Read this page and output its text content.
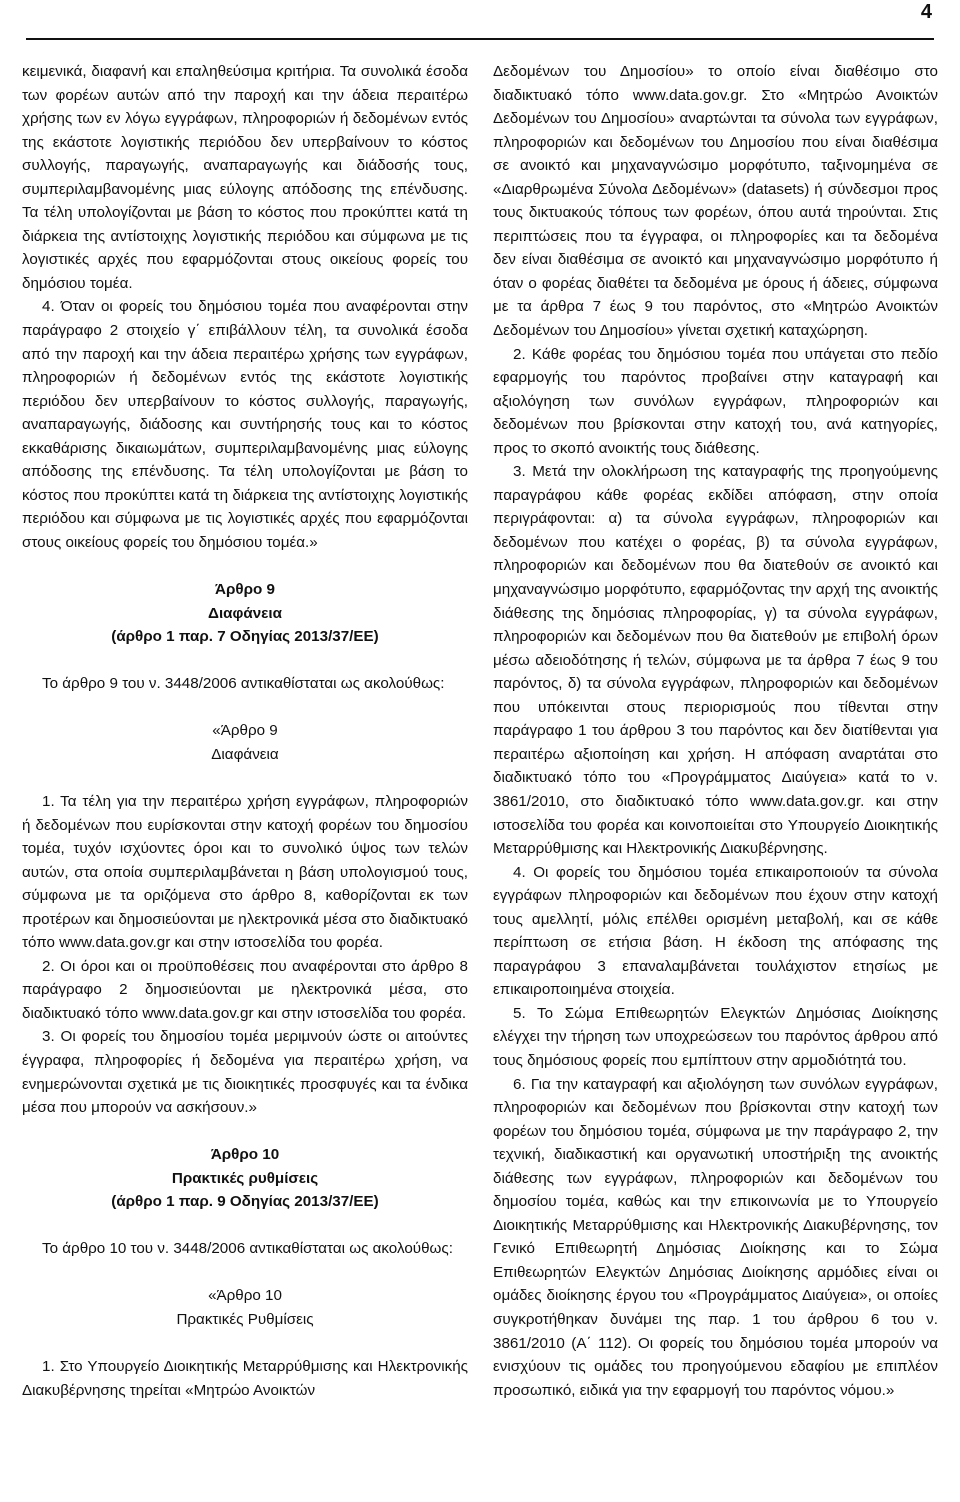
4

κειμενικά, διαφανή και επαληθεύσιμα κριτήρια. Τα συνολικά έσοδα των φορέων αυτών από την παροχή και την άδεια περαιτέρω χρήσης των εν λόγω εγγράφων, πληροφοριών ή δεδομένων εντός της εκάστοτε λογιστικής περιόδου δεν υπερβαίνουν το κόστος συλλογής, παραγωγής, αναπαραγωγής και διάδοσής τους, συμπεριλαμβανομένης μιας εύλογης απόδοσης της επένδυσης. Τα τέλη υπολογίζονται με βάση το κόστος που προκύπτει κατά τη διάρκεια της αντίστοιχης λογιστικής περιόδου και σύμφωνα με τις λογιστικές αρχές που εφαρμόζονται στους οικείους φορείς του δημόσιου τομέα.

4. Όταν οι φορείς του δημόσιου τομέα που αναφέρονται στην παράγραφο 2 στοιχείο γ΄ επιβάλλουν τέλη, τα συνολικά έσοδα από την παροχή και την άδεια περαιτέρω χρήσης των εγγράφων, πληροφοριών ή δεδομένων εντός της εκάστοτε λογιστικής περιόδου δεν υπερβαίνουν το κόστος συλλογής, παραγωγής, αναπαραγωγής, διάδοσης και συντήρησής τους και το κόστος εκκαθάρισης δικαιωμάτων, συμπεριλαμβανομένης μιας εύλογης απόδοσης της επένδυσης. Τα τέλη υπολογίζονται με βάση το κόστος που προκύπτει κατά τη διάρκεια της αντίστοιχης λογιστικής περιόδου και σύμφωνα με τις λογιστικές αρχές που εφαρμόζονται στους οικείους φορείς του δημόσιου τομέα.»

Άρθρο 9

Διαφάνεια

(άρθρο 1 παρ. 7 Οδηγίας 2013/37/ΕΕ)

Το άρθρο 9 του ν. 3448/2006 αντικαθίσταται ως ακολούθως:

«Άρθρο 9

Διαφάνεια

1. Τα τέλη για την περαιτέρω χρήση εγγράφων, πληροφοριών ή δεδομένων που ευρίσκονται στην κατοχή φορέων του δημοσίου τομέα, τυχόν ισχύοντες όροι και το συνολικό ύψος των τελών αυτών, στα οποία συμπεριλαμβάνεται η βάση υπολογισμού τους, σύμφωνα με τα οριζόμενα στο άρθρο 8, καθορίζονται εκ των προτέρων και δημοσιεύονται με ηλεκτρονικά μέσα στο διαδικτυακό τόπο www.data.gov.gr και στην ιστοσελίδα του φορέα.

2. Οι όροι και οι προϋποθέσεις που αναφέρονται στο άρθρο 8 παράγραφο 2 δημοσιεύονται με ηλεκτρονικά μέσα, στο διαδικτυακό τόπο www.data.gov.gr και στην ιστοσελίδα του φορέα.

3. Οι φορείς του δημοσίου τομέα μεριμνούν ώστε οι αιτούντες έγγραφα, πληροφορίες ή δεδομένα για περαιτέρω χρήση, να ενημερώνονται σχετικά με τις διοικητικές προσφυγές και τα ένδικα μέσα που μπορούν να ασκήσουν.»

Άρθρο 10

Πρακτικές ρυθμίσεις

(άρθρο 1 παρ. 9 Οδηγίας 2013/37/ΕΕ)

Το άρθρο 10 του ν. 3448/2006 αντικαθίσταται ως ακολούθως:

«Άρθρο 10

Πρακτικές Ρυθμίσεις

1. Στο Υπουργείο Διοικητικής Μεταρρύθμισης και Ηλεκτρονικής Διακυβέρνησης τηρείται «Μητρώο Ανοικτών

Δεδομένων του Δημοσίου» το οποίο είναι διαθέσιμο στο διαδικτυακό τόπο www.data.gov.gr. Στο «Μητρώο Ανοικτών Δεδομένων του Δημοσίου» αναρτώνται τα σύνολα των εγγράφων, πληροφοριών και δεδομένων του Δημοσίου που είναι διαθέσιμα σε ανοικτό και μηχαναγνώσιμο μορφότυπο, ταξινομημένα σε «Διαρθρωμένα Σύνολα Δεδομένων» (datasets) ή σύνδεσμοι προς τους δικτυακούς τόπους των φορέων, όπου αυτά τηρούνται. Στις περιπτώσεις που τα έγγραφα, οι πληροφορίες και τα δεδομένα δεν είναι διαθέσιμα σε ανοικτό και μηχαναγνώσιμο μορφότυπο ή όταν ο φορέας διαθέτει τα δεδομένα με όρους ή άδειες, σύμφωνα με τα άρθρα 7 έως 9 του παρόντος, στο «Μητρώο Ανοικτών Δεδομένων του Δημοσίου» γίνεται σχετική καταχώρηση.

2. Κάθε φορέας του δημόσιου τομέα που υπάγεται στο πεδίο εφαρμογής του παρόντος προβαίνει στην καταγραφή και αξιολόγηση των συνόλων εγγράφων, πληροφοριών και δεδομένων που βρίσκονται στην κατοχή του, ανά κατηγορίες, προς το σκοπό ανοικτής τους διάθεσης.

3. Μετά την ολοκλήρωση της καταγραφής της προηγούμενης παραγράφου κάθε φορέας εκδίδει απόφαση, στην οποία περιγράφονται: α) τα σύνολα εγγράφων, πληροφοριών και δεδομένων που κατέχει ο φορέας, β) τα σύνολα εγγράφων, πληροφοριών και δεδομένων που θα διατεθούν σε ανοικτό και μηχαναγνώσιμο μορφότυπο, εφαρμόζοντας την αρχή της ανοικτής διάθεσης της δημόσιας πληροφορίας, γ) τα σύνολα εγγράφων, πληροφοριών και δεδομένων που θα διατεθούν με επιβολή όρων μέσω αδειοδότησης ή τελών, σύμφωνα με τα άρθρα 7 έως 9 του παρόντος, δ) τα σύνολα εγγράφων, πληροφοριών και δεδομένων που υπόκεινται στους περιορισμούς που τίθενται στην παράγραφο 1 του άρθρου 3 του παρόντος και δεν διατίθενται για περαιτέρω αξιοποίηση και χρήση. Η απόφαση αναρτάται στο διαδικτυακό τόπο του «Προγράμματος Διαύγεια» κατά το ν. 3861/2010, στο διαδικτυακό τόπο www.data.gov.gr. και στην ιστοσελίδα του φορέα και κοινοποιείται στο Υπουργείο Διοικητικής Μεταρρύθμισης και Ηλεκτρονικής Διακυβέρνησης.

4. Οι φορείς του δημόσιου τομέα επικαιροποιούν τα σύνολα εγγράφων πληροφοριών και δεδομένων που έχουν στην κατοχή τους αμελλητί, μόλις επέλθει ορισμένη μεταβολή, και σε κάθε περίπτωση σε ετήσια βάση. Η έκδοση της απόφασης της παραγράφου 3 επαναλαμβάνεται τουλάχιστον ετησίως με επικαιροποιημένα στοιχεία.

5. Το Σώμα Επιθεωρητών Ελεγκτών Δημόσιας Διοίκησης ελέγχει την τήρηση των υποχρεώσεων του παρόντος άρθρου από τους δημόσιους φορείς που εμπίπτουν στην αρμοδιότητά του.

6. Για την καταγραφή και αξιολόγηση των συνόλων εγγράφων, πληροφοριών και δεδομένων που βρίσκονται στην κατοχή των φορέων του δημόσιου τομέα, σύμφωνα με την παράγραφο 2, την τεχνική, διαδικαστική και οργανωτική υποστήριξη της ανοικτής διάθεσης των εγγράφων, πληροφοριών και δεδομένων του δημοσίου τομέα, καθώς και την επικοινωνία με το Υπουργείο Διοικητικής Μεταρρύθμισης και Ηλεκτρονικής Διακυβέρνησης, τον Γενικό Επιθεωρητή Δημόσιας Διοίκησης και το Σώμα Επιθεωρητών Ελεγκτών Δημόσιας Διοίκησης αρμόδιες είναι οι ομάδες διοίκησης έργου του «Προγράμματος Διαύγεια», οι οποίες συγκροτήθηκαν δυνάμει της παρ. 1 του άρθρου 6 του ν. 3861/2010 (Α΄ 112). Οι φορείς του δημόσιου τομέα μπορούν να ενισχύουν τις ομάδες του προηγούμενου εδαφίου με επιπλέον προσωπικό, ειδικά για την εφαρμογή του παρόντος νόμου.»
